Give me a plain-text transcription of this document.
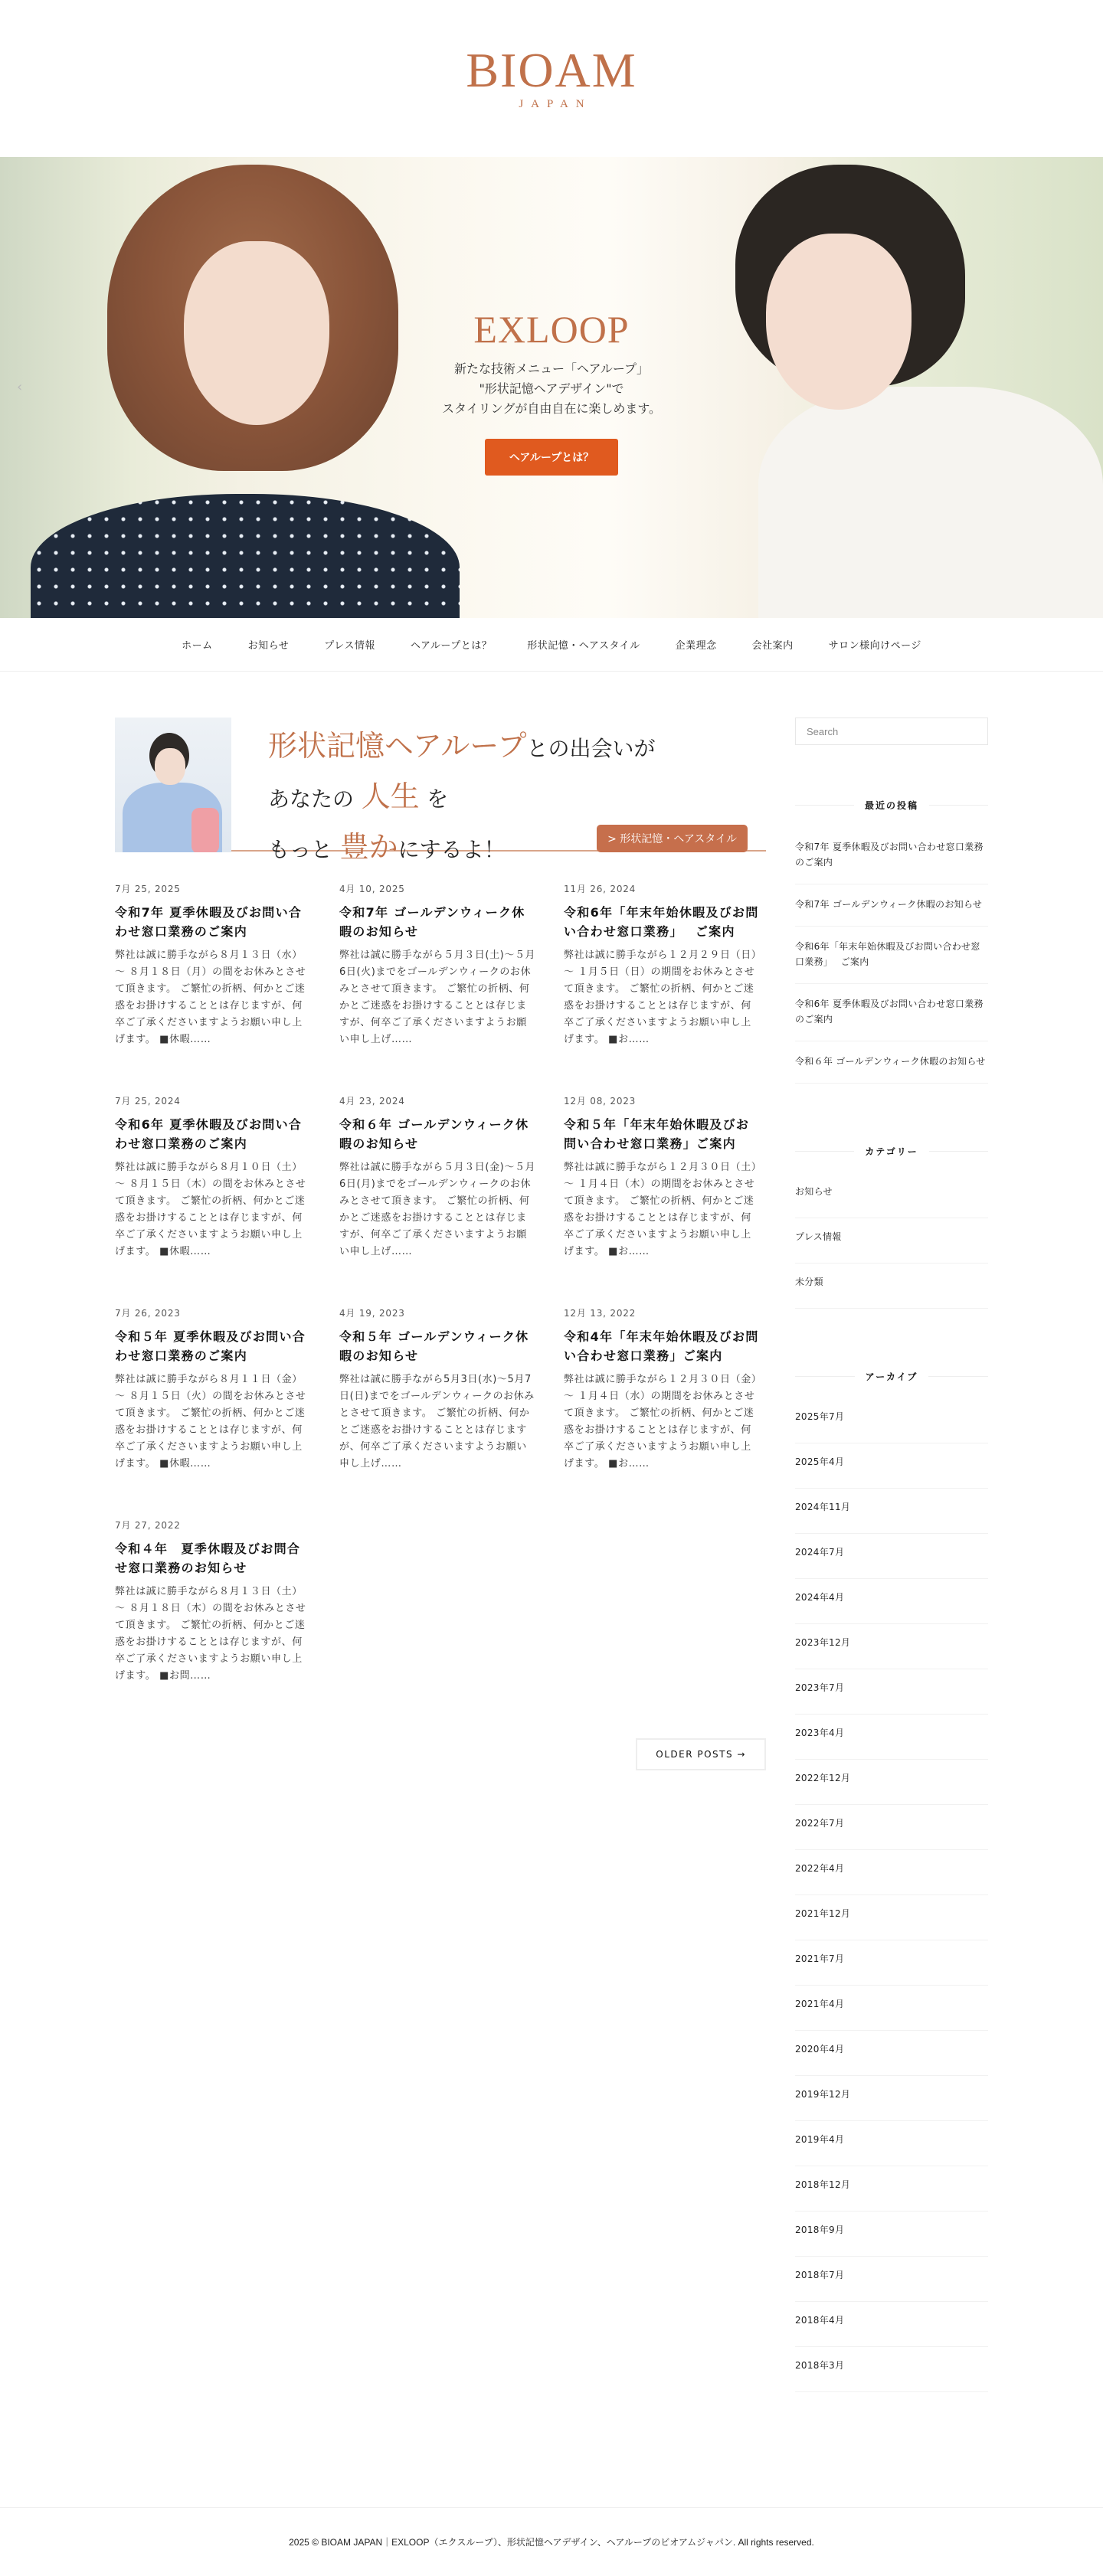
BIOAM
JAPAN
‹
EXLOOP
新たな技術メニュー「ヘアループ」
"形状記憶ヘアデザイン"で
スタイリングが自由自在に楽しめます。
ヘアループとは？
ホーム	お知らせ	プレス情報	ヘアループとは？	形状記憶・ヘアスタイル	企業理念	会社案内	サロン様向けページ
形状記憶ヘアループとの出会いが
あなたの 人生 を
もっと 豊かにするよ！	> 形状記憶・ヘアスタイル
7月 25, 2025
令和7年 夏季休暇及びお問い合わせ窓口業務のご案内

弊社は誠に勝手ながら８月１３日（水）～ ８月１８日（月）の間をお休みとさせて頂きます。 ご繁忙の折柄、何かとご迷惑をお掛けすることとは存じますが、何卒ご了承くださいますようお願い申し上げます。 ■休暇……

4月 10, 2025
令和7年 ゴールデンウィーク休暇のお知らせ

弊社は誠に勝手ながら５月３日(土)～５月6日(火)までをゴールデンウィークのお休みとさせて頂きます。 ご繁忙の折柄、何かとご迷惑をお掛けすることとは存じますが、何卒ご了承くださいますようお願い申し上げ……

11月 26, 2024
令和6年「年末年始休暇及びお問い合わせ窓口業務」　 ご案内

弊社は誠に勝手ながら１２月２９日（日）～ １月５日（日）の期間をお休みとさせて頂きます。 ご繁忙の折柄、何かとご迷惑をお掛けすることとは存じますが、何卒ご了承くださいますようお願い申し上げます。 ■お……

7月 25, 2024
令和6年 夏季休暇及びお問い合わせ窓口業務のご案内

弊社は誠に勝手ながら８月１０日（土）～ ８月１５日（木）の間をお休みとさせて頂きます。 ご繁忙の折柄、何かとご迷惑をお掛けすることとは存じますが、何卒ご了承くださいますようお願い申し上げます。 ■休暇……

4月 23, 2024
令和６年 ゴールデンウィーク休暇のお知らせ

弊社は誠に勝手ながら５月３日(金)～５月6日(月)までをゴールデンウィークのお休みとさせて頂きます。 ご繁忙の折柄、何かとご迷惑をお掛けすることとは存じますが、何卒ご了承くださいますようお願い申し上げ……

12月 08, 2023
令和５年「年末年始休暇及びお問い合わせ窓口業務」ご案内

弊社は誠に勝手ながら１２月３０日（土）～ １月４日（木）の期間をお休みとさせて頂きます。 ご繁忙の折柄、何かとご迷惑をお掛けすることとは存じますが、何卒ご了承くださいますようお願い申し上げます。 ■お……

7月 26, 2023
令和５年 夏季休暇及びお問い合わせ窓口業務のご案内

弊社は誠に勝手ながら８月１１日（金）～ ８月１５日（火）の間をお休みとさせて頂きます。 ご繁忙の折柄、何かとご迷惑をお掛けすることとは存じますが、何卒ご了承くださいますようお願い申し上げます。 ■休暇……

4月 19, 2023
令和５年 ゴールデンウィーク休暇のお知らせ

弊社は誠に勝手ながら5月3日(水)～5月7日(日)までをゴールデンウィークのお休みとさせて頂きます。 ご繁忙の折柄、何かとご迷惑をお掛けすることとは存じますが、何卒ご了承くださいますようお願い申し上げ……

12月 13, 2022
令和4年「年末年始休暇及びお問い合わせ窓口業務」ご案内

弊社は誠に勝手ながら１２月３０日（金）～ １月４日（水）の期間をお休みとさせて頂きます。 ご繁忙の折柄、何かとご迷惑をお掛けすることとは存じますが、何卒ご了承くださいますようお願い申し上げます。 ■お……

7月 27, 2022
令和４年　夏季休暇及びお問合せ窓口業務のお知らせ

弊社は誠に勝手ながら８月１３日（土）～ ８月１８日（木）の間をお休みとさせて頂きます。 ご繁忙の折柄、何かとご迷惑をお掛けすることとは存じますが、何卒ご了承くださいますようお願い申し上げます。 ■お問……

OLDER POSTS →
Search
最近の投稿
令和7年 夏季休暇及びお問い合わせ窓口業務のご案内
令和7年 ゴールデンウィーク休暇のお知らせ
令和6年「年末年始休暇及びお問い合わせ窓口業務」　 ご案内
令和6年 夏季休暇及びお問い合わせ窓口業務のご案内
令和６年 ゴールデンウィーク休暇のお知らせ
カテゴリー
お知らせ
プレス情報
未分類
アーカイブ
2025年7月
2025年4月
2024年11月
2024年7月
2024年4月
2023年12月
2023年7月
2023年4月
2022年12月
2022年7月
2022年4月
2021年12月
2021年7月
2021年4月
2020年4月
2019年12月
2019年4月
2018年12月
2018年9月
2018年7月
2018年4月
2018年3月
2025 © BIOAM JAPAN｜EXLOOP（エクスループ）、形状記憶ヘアデザイン、ヘアループのビオアムジャパン. All rights reserved.
